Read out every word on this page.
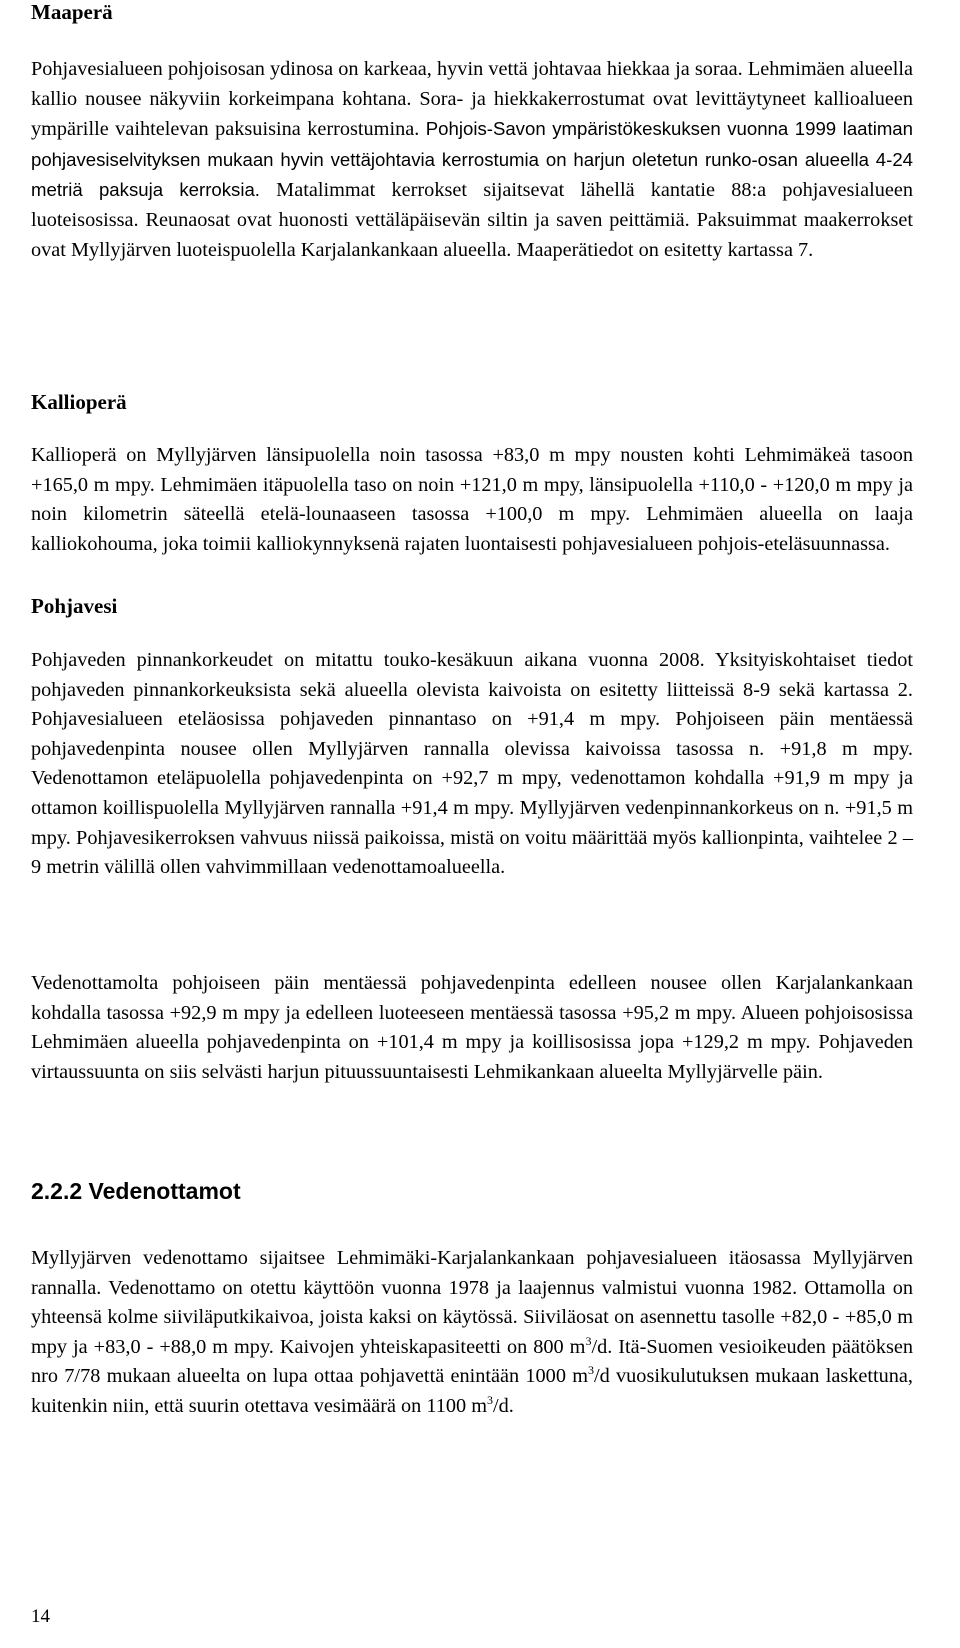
Maaperä

Pohjavesialueen pohjoisosan ydinosa on karkeaa, hyvin vettä johtavaa hiekkaa ja soraa. Lehmimäen alueella kallio nousee näkyviin korkeimpana kohtana. Sora- ja hiekkakerrostumat ovat levittäytyneet kallioalueen ympärille vaihtelevan paksuisina kerrostumina. Pohjois-Savon ympäristökeskuksen vuonna 1999 laatiman pohjavesiselvityksen mukaan hyvin vettäjohtavia kerrostumia on harjun oletetun runko-osan alueella 4-24 metriä paksuja kerroksia. Matalimmat kerrokset sijaitsevat lähellä kantatie 88:a pohjavesialueen luoteisosissa. Reunaosat ovat huonosti vettäläpäisevän siltin ja saven peittämiä. Paksuimmat maakerrokset ovat Myllyjärven luoteispuolella Karjalankankaan alueella. Maaperätiedot on esitetty kartassa 7.

Kallioperä

Kallioperä on Myllyjärven länsipuolella noin tasossa +83,0 m mpy nousten kohti Lehmimäkeä tasoon +165,0 m mpy. Lehmimäen itäpuolella taso on noin +121,0 m mpy, länsipuolella +110,0 - +120,0 m mpy ja noin kilometrin säteellä etelä-lounaaseen tasossa +100,0 m mpy. Lehmimäen alueella on laaja kalliokohouma, joka toimii kalliokynnyksenä rajaten luontaisesti pohjavesialueen pohjois-eteläsuunnassa.

Pohjavesi

Pohjaveden pinnankorkeudet on mitattu touko-kesäkuun aikana vuonna 2008. Yksityiskohtaiset tiedot pohjaveden pinnankorkeuksista sekä alueella olevista kaivoista on esitetty liitteissä 8-9 sekä kartassa 2. Pohjavesialueen eteläosissa pohjaveden pinnantaso on +91,4 m mpy. Pohjoiseen päin mentäessä pohjavedenpinta nousee ollen Myllyjärven rannalla olevissa kaivoissa tasossa n. +91,8 m mpy. Vedenottamon eteläpuolella pohjavedenpinta on +92,7 m mpy, vedenottamon kohdalla +91,9 m mpy ja ottamon koillispuolella Myllyjärven rannalla +91,4 m mpy. Myllyjärven vedenpinnankorkeus on n. +91,5 m mpy. Pohjavesikerroksen vahvuus niissä paikoissa, mistä on voitu määrittää myös kallionpinta, vaihtelee 2 – 9 metrin välillä ollen vahvimmillaan vedenottamoalueella.

Vedenottamolta pohjoiseen päin mentäessä pohjavedenpinta edelleen nousee ollen Karjalankankaan kohdalla tasossa +92,9 m mpy ja edelleen luoteeseen mentäessä tasossa +95,2 m mpy. Alueen pohjoisosissa Lehmimäen alueella pohjavedenpinta on +101,4 m mpy ja koillisosissa jopa +129,2 m mpy. Pohjaveden virtaussuunta on siis selvästi harjun pituussuuntaisesti Lehmikankaan alueelta Myllyjärvelle päin.

2.2.2 Vedenottamot

Myllyjärven vedenottamo sijaitsee Lehmimäki-Karjalankankaan pohjavesialueen itäosassa Myllyjärven rannalla. Vedenottamo on otettu käyttöön vuonna 1978 ja laajennus valmistui vuonna 1982. Ottamolla on yhteensä kolme siiviläputkikaivoa, joista kaksi on käytössä. Siiviläosat on asennettu tasolle +82,0 - +85,0 m mpy ja +83,0 - +88,0 m mpy. Kaivojen yhteiskapasiteetti on 800 $m^3/d$. Itä-Suomen vesioikeuden päätöksen nro 7/78 mukaan alueelta on lupa ottaa pohjavettä enintään 1000 $m^3/d$ vuosikulutuksen mukaan laskettuna, kuitenkin niin, että suurin otettava vesimäärä on 1100 $m^3/d$.

14
